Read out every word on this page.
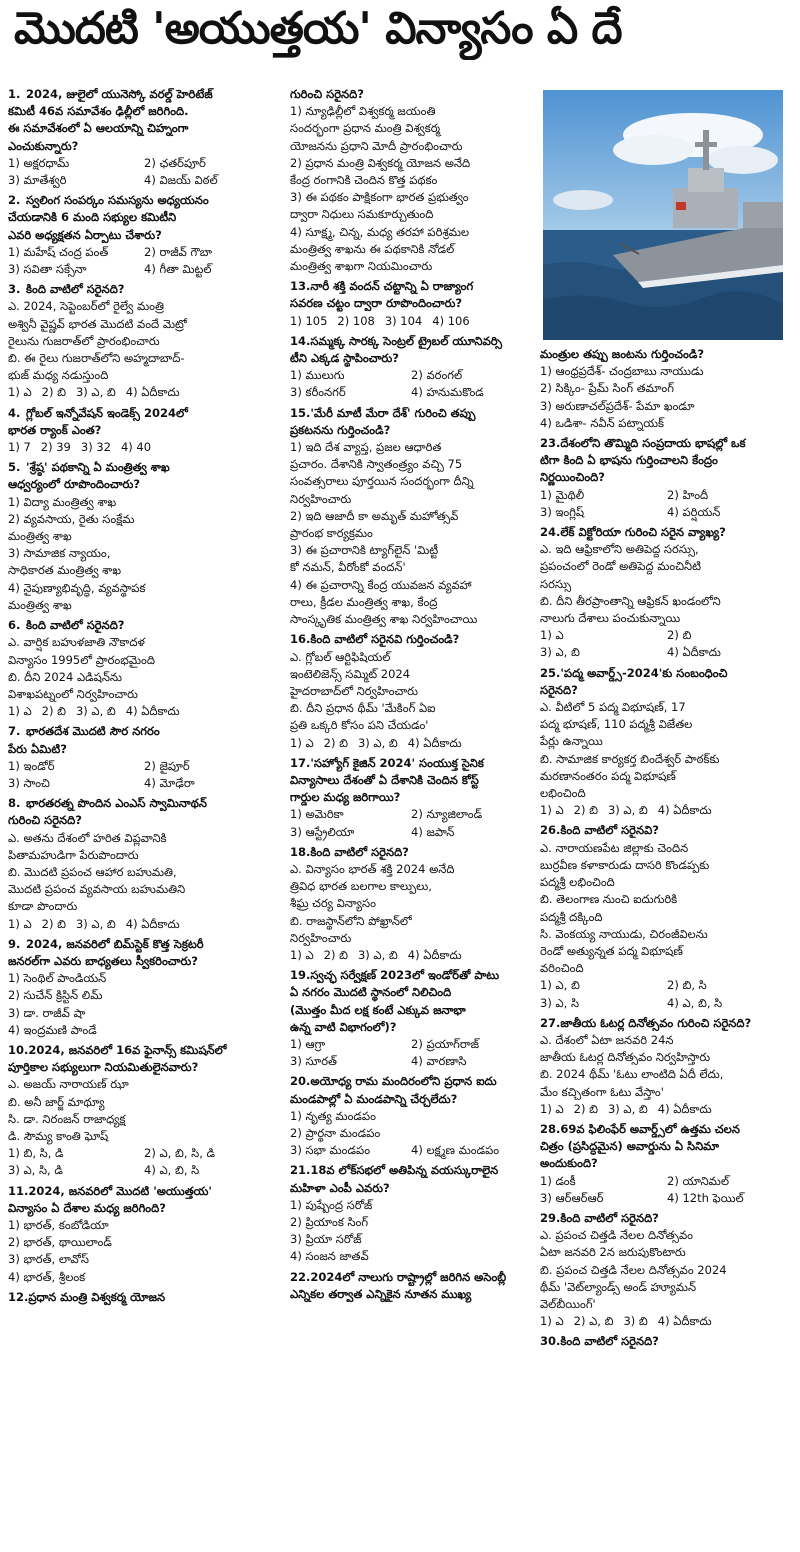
మొదటి 'అయుత్తయ' విన్యాసం ఏ దే
1. 2024, జులైలో యునెస్కో వరల్డ్ హెరిటేజ్
కమిటీ 46వ సమావేశం ఢిల్లీలో జరిగింది.
ఈ సమావేశంలో ఏ ఆలయాన్ని చిహ్నంగా
ఎంచుకున్నారు?
1) అక్షరధామ్	2) ఛతర్‌పూర్
3) మాతేశ్వరి	4) విజయ్ విఠల్
2. స్వలింగ సంపర్కం సమస్యను అధ్యయనం
చేయడానికి 6 మంది సభ్యుల కమిటీని
ఎవరి అధ్యక్షతన ఏర్పాటు చేశారు?
1) మహేష్ చంద్ర పంత్	2) రాజీవ్ గౌబా
3) సవితా సక్సేనా	4) గీతా మిట్టల్
3. కింది వాటిలో సరైనది?
ఎ. 2024, సెప్టెంబర్‌లో రైల్వే మంత్రి
అశ్వినీ వైష్ణవ్ భారత మొదటి వందే మెట్రో
రైలును గుజరాత్‌లో ప్రారంభించారు
బి. ఈ రైలు గుజరాత్‌లోని అహ్మదాబాద్-
భుజ్ మధ్య నడుస్తుంది
1) ఎ 2) బి 3) ఎ, బి 4) ఏదీకాదు
4. గ్లోబల్ ఇన్నోవేషన్ ఇండెక్స్ 2024లో
భారత ర్యాంక్ ఎంత?
1) 7 2) 39 3) 32 4) 40
5. 'శ్రేష్ఠ' పథకాన్ని ఏ మంత్రిత్వ శాఖ
ఆధ్వర్యంలో రూపొందించారు?
1) విద్యా మంత్రిత్వ శాఖ
2) వ్యవసాయ, రైతు సంక్షేమ
మంత్రిత్వ శాఖ
3) సామాజిక న్యాయం,
సాధికారత మంత్రిత్వ శాఖ
4) నైపుణ్యాభివృద్ధి, వ్యవస్థాపక
మంత్రిత్వ శాఖ
6. కింది వాటిలో సరైనది?
ఎ. వార్షిక బహుళజాతి నౌకాదళ
విన్యాసం 1995లో ప్రారంభమైంది
బి. దీని 2024 ఎడిషన్‌ను
విశాఖపట్నంలో నిర్వహించారు
1) ఎ 2) బి 3) ఎ, బి 4) ఏదీకాదు
7. భారతదేశ మొదటి సౌర నగరం
పేరు ఏమిటి?
1) ఇండోర్	2) జైపూర్
3) సాంచి	4) మోఢేరా
8. భారతరత్న పొందిన ఎంఎస్ స్వామినాథన్
గురించి సరైనది?
ఎ. అతను దేశంలో హరిత విప్లవానికి
పితామహుడిగా పేరుపొందారు
బి. మొదటి ప్రపంచ ఆహార బహుమతి,
మొదటి ప్రపంచ వ్యవసాయ బహుమతిని
కూడా పొందారు
1) ఎ 2) బి 3) ఎ, బి 4) ఏదీకాదు
9. 2024, జనవరిలో బిమ్‌స్టెక్ కొత్త సెక్రటరీ
జనరల్‌గా ఎవరు బాధ్యతలు స్వీకరించారు?
1) సెంథిల్ పాండియన్
2) సుచేన్ క్రిస్టిన్ లిమ్
3) డా. రాజీవ్ షా
4) ఇంద్రమణి పాండే
10.2024, జనవరిలో 16వ ఫైనాన్స్ కమిషన్‌లో
పూర్తికాల సభ్యులుగా నియమితులైనవారు?
ఎ. అజయ్ నారాయణ్ ఝా
బి. అనీ జార్జ్ మాథ్యూ
సి. డా. నిరంజన్ రాజాధ్యక్ష
డి. సౌమ్య కాంతి ఘోష్
1) బి, సి, డి	2) ఎ, బి, సి, డి
3) ఎ, సి, డి	4) ఎ, బి, సి
11.2024, జనవరిలో మొదటి 'అయుత్తయ'
విన్యాసం ఏ దేశాల మధ్య జరిగింది?
1) భారత్, కంబోడియా
2) భారత్, థాయిలాండ్
3) భారత్, లావోస్
4) భారత్, శ్రీలంక
12.ప్రధాన మంత్రి విశ్వకర్మ యోజన
గురించి సరైనది?
1) న్యూఢిల్లీలో విశ్వకర్మ జయంతి
సందర్భంగా ప్రధాన మంత్రి విశ్వకర్మ
యోజనను ప్రధాని మోదీ ప్రారంభించారు
2) ప్రధాన మంత్రి విశ్వకర్మ యోజన అనేది
కేంద్ర రంగానికి చెందిన కొత్త పథకం
3) ఈ పథకం పాక్షికంగా భారత ప్రభుత్వం
ద్వారా నిధులు సమకూర్చుతుంది
4) సూక్ష్మ, చిన్న, మధ్య తరహా పరిశ్రమల
మంత్రిత్వ శాఖను ఈ పథకానికి నోడల్
మంత్రిత్వ శాఖగా నియమించారు
13.నారీ శక్తి వందన్ చట్టాన్ని ఏ రాజ్యాంగ
సవరణ చట్టం ద్వారా రూపొందించారు?
1) 105 2) 108 3) 104 4) 106
14.సమ్మక్క సారక్క సెంట్రల్ ట్రైబల్ యూనివర్సి
టీని ఎక్కడ స్థాపించారు?
1) ములుగు	2) వరంగల్
3) కరీంనగర్	4) హనుమకొండ
15.'మేరీ మాటీ మేరా దేశ్' గురించి తప్పు
ప్రకటనను గుర్తించండి?
1) ఇది దేశ వ్యాప్త, ప్రజల ఆధారిత
ప్రచారం. దేశానికి స్వాతంత్ర్యం వచ్చి 75
సంవత్సరాలు పూర్తయిన సందర్భంగా దీన్ని
నిర్వహించారు
2) ఇది ఆజాదీ కా అమృత్ మహోత్సవ్
ప్రారంభ కార్యక్రమం
3) ఈ ప్రచారానికి ట్యాగ్‌లైన్ 'మిట్టీ
కో నమన్, వీరోంకో వందన్'
4) ఈ ప్రచారాన్ని కేంద్ర యువజన వ్యవహా
రాలు, క్రీడల మంత్రిత్వ శాఖ, కేంద్ర
సాంస్కృతిక మంత్రిత్వ శాఖ నిర్వహించాయి
16.కింది వాటిలో సరైనవి గుర్తించండి?
ఎ. గ్లోబల్ ఆర్టిఫిషియల్
ఇంటెలిజెన్స్ సమ్మిట్ 2024
హైదరాబాద్‌లో నిర్వహించారు
బి. దీని ప్రధాన థీమ్ 'మేకింగ్ ఏఐ
ప్రతి ఒక్కరి కోసం పని చేయడం'
1) ఎ 2) బి 3) ఎ, బి 4) ఏదీకాదు
17.'సహ్యోగ్ కైజిన్ 2024' సంయుక్త సైనిక
విన్యాసాలు దేశంతో ఏ దేశానికి చెందిన కోస్ట్
గార్డుల మధ్య జరిగాయి?
1) అమెరికా	2) న్యూజిలాండ్
3) ఆస్ట్రేలియా	4) జపాన్
18.కింది వాటిలో సరైనది?
ఎ. విన్యాసం భారత్ శక్తి 2024 అనేది
త్రివిధ భారత బలగాల కాల్పులు,
శీఘ్ర చర్య విన్యాసం
బి. రాజస్థాన్‌లోని పోఖ్రాన్‌లో
నిర్వహించారు
1) ఎ 2) బి 3) ఎ, బి 4) ఏదీకాదు
19.స్వచ్ఛ సర్వేక్షణ్ 2023లో ఇండోర్‌తో పాటు
ఏ నగరం మొదటి స్థానంలో నిలిచింది
(మొత్తం మీద లక్ష కంటే ఎక్కువ జనాభా
ఉన్న వాటి విభాగంలో)?
1) ఆగ్రా	2) ప్రయాగ్‌రాజ్
3) సూరత్	4) వారణాసి
20.అయోధ్య రామ మందిరంలోని ప్రధాన ఐదు
మండపాల్లో ఏ మండపాన్ని చేర్చలేదు?
1) నృత్య మండపం
2) ప్రార్థనా మండపం
3) సభా మండపం	4) లక్ష్మణ మండపం
21.18వ లోక్‌సభలో అతిపిన్న వయస్కురాలైన
మహిళా ఎంపీ ఎవరు?
1) పుష్పేంద్ర సరోజ్
2) ప్రియాంక సింగ్
3) ప్రియా సరోజ్
4) సంజన జాతవ్
22.2024లో నాలుగు రాష్ట్రాల్లో జరిగిన అసెంబ్లీ
ఎన్నికల తర్వాత ఎన్నికైన నూతన ముఖ్య
మంత్రుల తప్పు జంటను గుర్తించండి?
1) ఆంధ్రప్రదేశ్- చంద్రబాబు నాయుడు
2) సిక్కిం- ప్రేమ్ సింగ్ తమాంగ్
3) అరుణాచల్‌ప్రదేశ్- పేమా ఖండూ
4) ఒడిశా- నవీన్ పట్నాయక్
23.దేశంలోని తొమ్మిది సంప్రదాయ భాషల్లో ఒక
టిగా కింది ఏ భాషను గుర్తించాలని కేంద్రం
నిర్ణయించింది?
1) మైథిలీ	2) హిందీ
3) ఇంగ్లిష్	4) పర్షియన్
24.లేక్ విక్టోరియా గురించి సరైన వ్యాఖ్య?
ఎ. ఇది ఆఫ్రికాలోని అతిపెద్ద సరస్సు,
ప్రపంచంలో రెండో అతిపెద్ద మంచినీటి
సరస్సు
బి. దీని తీరప్రాంతాన్ని ఆఫ్రికన్ ఖండంలోని
నాలుగు దేశాలు పంచుకున్నాయి
1) ఎ	2) బి
3) ఎ, బి	4) ఏదీకాదు
25.'పద్మ అవార్డ్స్-2024'కు సంబంధించి
సరైనది?
ఎ. వీటిలో 5 పద్మ విభూషణ్, 17
పద్మ భూషణ్, 110 పద్మశ్రీ విజేతల
పేర్లు ఉన్నాయి
బి. సామాజిక కార్యకర్త బిందేశ్వర్ పాఠక్‌కు
మరణానంతరం పద్మ విభూషణ్
లభించింది
1) ఎ 2) బి 3) ఎ, బి 4) ఏదీకాదు
26.కింది వాటిలో సరైనవి?
ఎ. నారాయణపేట జిల్లాకు చెందిన
బుర్రవీణ కళాకారుడు దాసరి కొండప్పకు
పద్మశ్రీ లభించింది
బి. తెలంగాణ నుంచి ఐదుగురికి
పద్మశ్రీ దక్కింది
సి. వెంకయ్య నాయుడు, చిరంజీవిలను
రెండో అత్యున్నత పద్మ విభూషణ్
వరించింది
1) ఎ, బి	2) బి, సి
3) ఎ, సి	4) ఎ, బి, సి
27.జాతీయ ఓటర్ల దినోత్సవం గురించి సరైనది?
ఎ. దేశంలో ఏటా జనవరి 24న
జాతీయ ఓటర్ల దినోత్సవం నిర్వహిస్తారు
బి. 2024 థీమ్ 'ఓటు లాంటిది ఏదీ లేదు,
మేం కచ్చితంగా ఓటు వేస్తాం'
1) ఎ 2) బి 3) ఎ, బి 4) ఏదీకాదు
28.69వ ఫిలింఫేర్ అవార్డ్స్‌లో ఉత్తమ చలన
చిత్రం (ప్రసిద్ధమైన) అవార్డును ఏ సినిమా
అందుకుంది?
1) డంకీ	2) యానిమల్
3) ఆర్ఆర్ఆర్	4) 12th ఫెయిల్
29.కింది వాటిలో సరైనది?
ఎ. ప్రపంచ చిత్తడి నేలల దినోత్సవం
ఏటా జనవరి 2న జరుపుకొంటారు
బి. ప్రపంచ చిత్తడి నేలల దినోత్సవం 2024
థీమ్ 'వెట్‌ల్యాండ్స్ అండ్ హ్యూమన్
వెల్‌బీయింగ్'
1) ఎ 2) ఎ, బి 3) బి 4) ఏదీకాదు
30.కింది వాటిలో సరైనది?
